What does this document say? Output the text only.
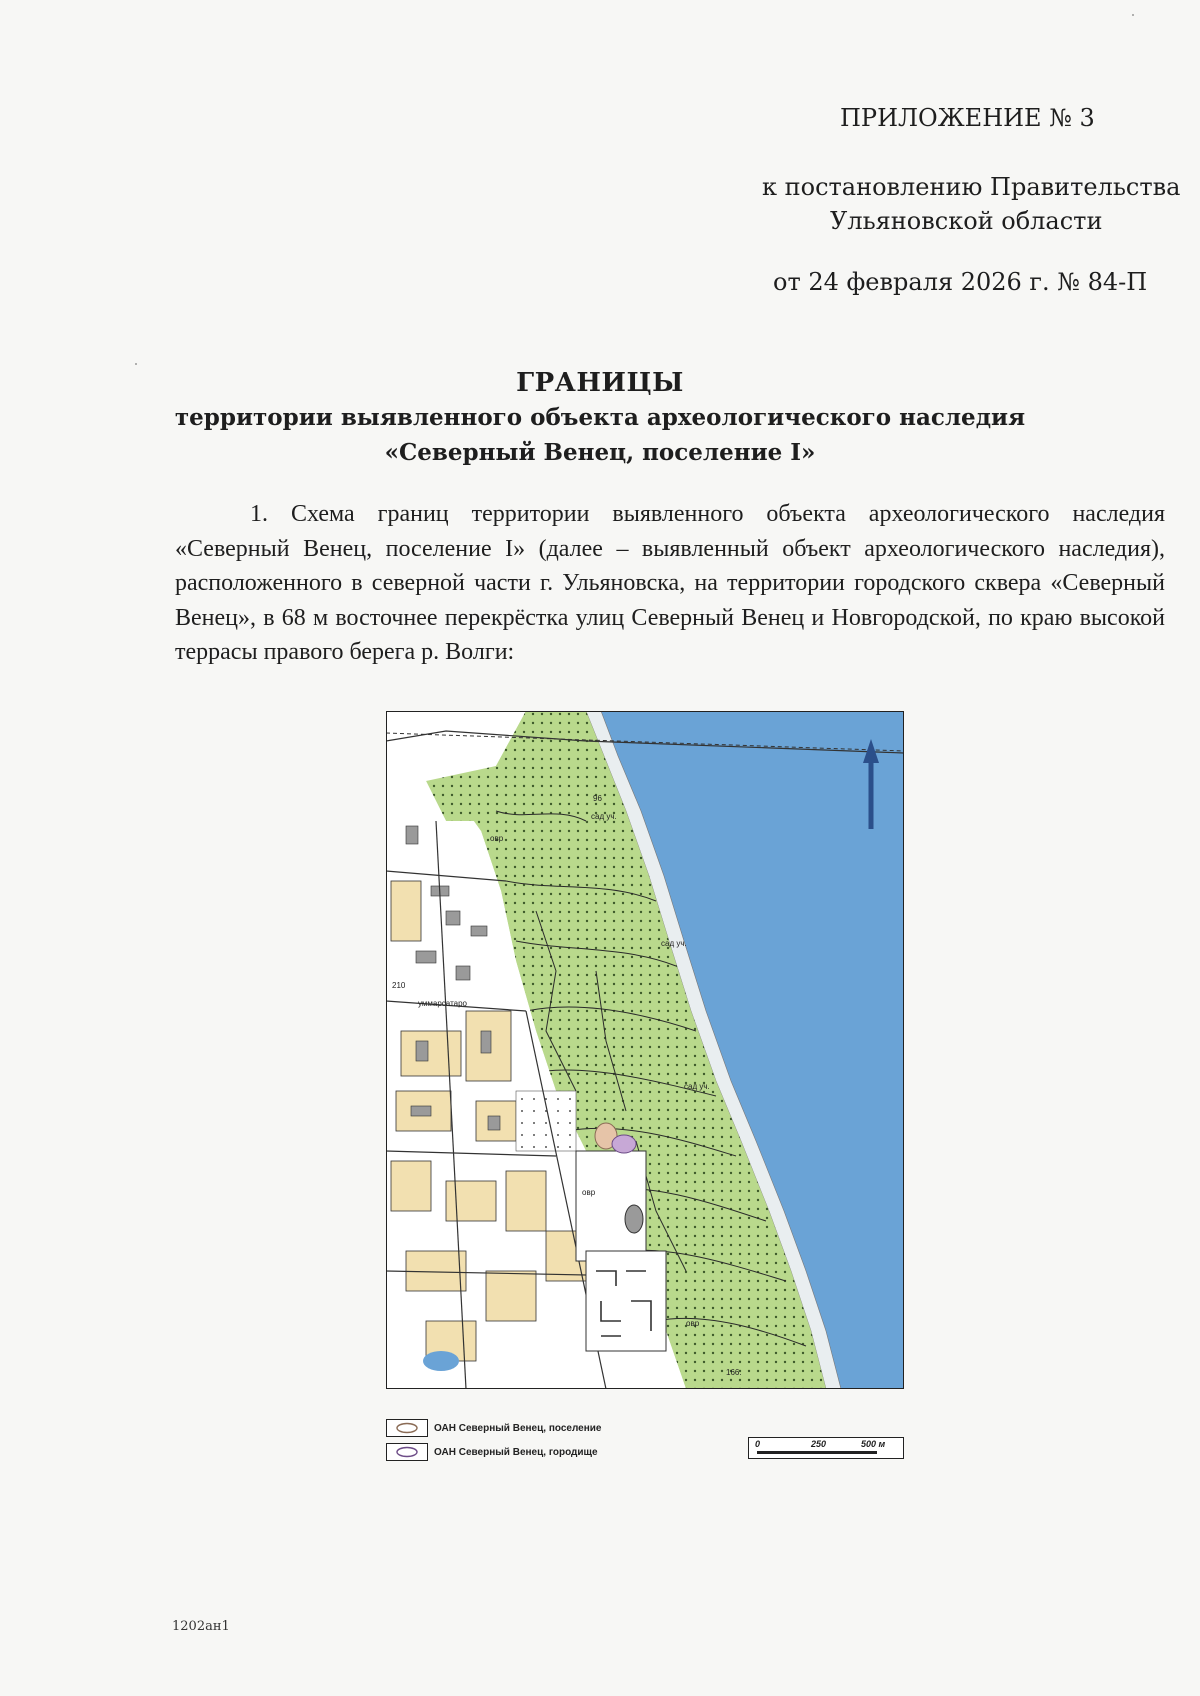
ПРИЛОЖЕНИЕ № 3
к постановлению Правительства
Ульяновской области
от 24 февраля 2026 г. № 84-П
ГРАНИЦЫ
территории выявленного объекта археологического наследия
«Северный Венец, поселение I»

1. Схема границ территории выявленного объекта археологического наследия «Северный Венец, поселение I» (далее – выявленный объект археологического наследия), расположенного в северной части г. Ульяновска, на территории городского сквера «Северный Венец», в 68 м восточнее перекрёстка улиц Северный Венец и Новгородской, по краю высокой террасы правого берега р. Волги:

96
сад уч.
овр
сад уч.
210
уммарсатаро
сад уч.
овр
овр
166.
ОАН Северный Венец, поселение
ОАН Северный Венец, городище
0	250	500 м
1202ан1
